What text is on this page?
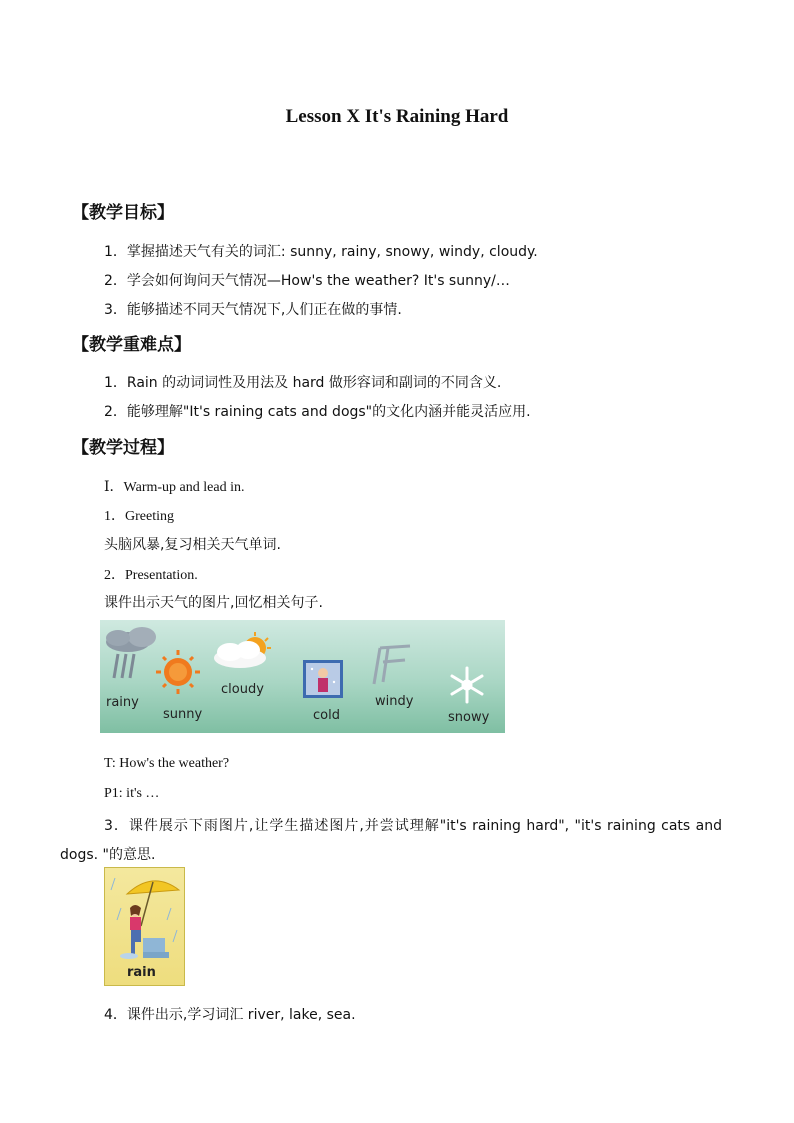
Lesson X It's Raining Hard
【教学目标】
1．掌握描述天气有关的词汇: sunny, rainy, snowy, windy, cloudy.
2．学会如何询问天气情况—How's the weather? It's sunny/…
3．能够描述不同天气情况下,人们正在做的事情.
【教学重难点】
1．Rain 的动词词性及用法及 hard 做形容词和副词的不同含义.
2．能够理解"It's raining cats and dogs"的文化内涵并能灵活应用.
【教学过程】
Ⅰ．Warm-up and lead in.
1．Greeting
头脑风暴,复习相关天气单词.
2．Presentation.
课件出示天气的图片,回忆相关句子.
rainy
sunny
cloudy
cold
windy
snowy
T: How's the weather?
P1: it's …
3．课件展示下雨图片,让学生描述图片,并尝试理解"it's raining hard", "it's raining cats and dogs. "的意思.
rain
4．课件出示,学习词汇 river, lake, sea.
